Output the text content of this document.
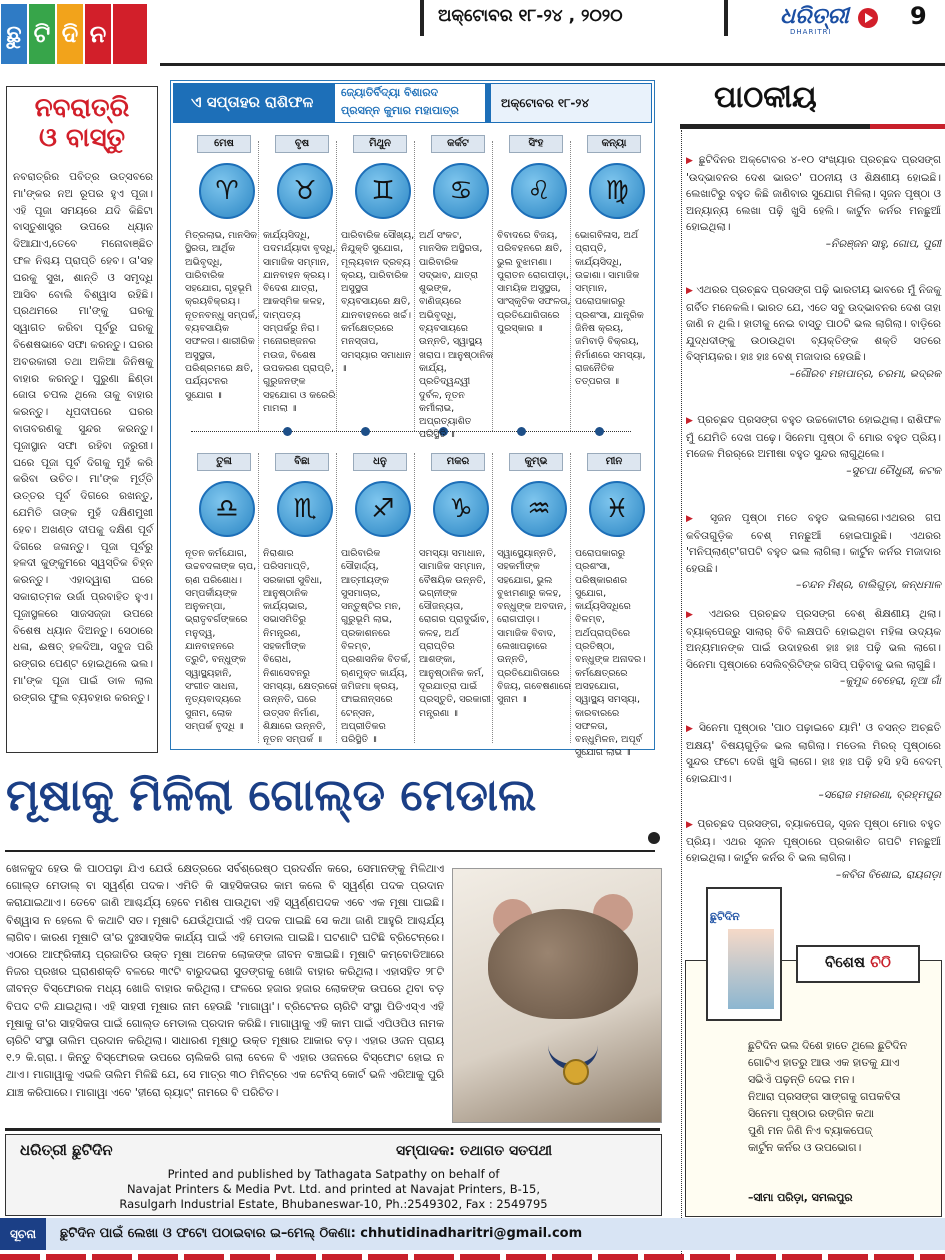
ଛୁ ଟି ଦି ନ
ଅକ୍ଟୋବର ୧୮-୨୪ , ୨୦୨୦	ଧରିତ୍ରୀ
DHARITRI
9
ନବରାତ୍ରି
ଓ ବାସ୍ତୁ
ନବରାତ୍ରିର ପବିତ୍ର ଉତ୍ସବରେ ମା'ଙ୍କର ନଅ ରୂପର ହୁଏ ପୂଜା। ଏହି ପୂଜା ସମୟରେ ଯଦି କିଛିଟା ବାସ୍ତୁଶାସ୍ତ୍ର ଉପରେ ଧ୍ୟାନ ଦିଆଯାଏ,ତେବେ ମନୋବାଞ୍ଛିତ ଫଳ ନିଶ୍ଚୟ ପ୍ରାପ୍ତି ହେବ। ତା'ସହ ଘରକୁ ସୁଖ, ଶାନ୍ତି ଓ ସମୃଦ୍ଧି ଆସିବ ବୋଲି ବିଶ୍ୱାସ ରହିଛି। ପ୍ରଥମରେ ମା'ଙ୍କୁ ଘରକୁ ସ୍ୱାଗତ କରିବା ପୂର୍ବରୁ ଘରକୁ ବିଶେଷଭାବେ ସଫା କରନ୍ତୁ। ଘରର ଅବରକାରୀ ତଥା ଅଳିଆ ଜିନିଷକୁ ବାହାର କରନ୍ତୁ। ପୁରୁଣା ଛିଣ୍ଡା ଜୋତା ଚପଲ ଥିଲେ ତାକୁ ବାହାର କରନ୍ତୁ। ଧୂପଦୀପରେ ଘରର ବାତାବରଣକୁ ସୁନ୍ଦର କରନ୍ତୁ। ପୂଜାସ୍ଥାନ ସଫା ରହିବା ଜରୁରୀ। ଘରେ ପୂଜା ପୂର୍ବ ଦିଗକୁ ମୁହଁ କରି କରିବା ଉଚିତ। ମା'ଙ୍କ ମୂର୍ତ୍ତି ଉତ୍ତର ପୂର୍ବ ଦିଗରେ ରଖନ୍ତୁ, ଯେମିତି ତାଙ୍କ ମୁହଁ ଦକ୍ଷିଣମୁଖୀ ହେବ। ଅଖଣ୍ଡ ଦୀପକୁ ଦକ୍ଷିଣ ପୂର୍ବ ଦିଗରେ ଜଳାନ୍ତୁ। ପୂଜା ପୂର୍ବରୁ ହଳଦୀ କୁଙ୍କୁମରେ ସ୍ୱସ୍ତିକ ଚିହ୍ନ କରନ୍ତୁ। ଏହାଦ୍ୱାରା ଘରେ ସକାରାତ୍ମକ ଉର୍ଜା ପ୍ରବାହିତ ହୁଏ। ପୂଜାସ୍ଥଳରେ ସାଜସଜ୍ଜା ଉପରେ ବିଶେଷ ଧ୍ୟାନ ଦିଅନ୍ତୁ। ସେଠାରେ ଧଳା, ଈଷତ୍ ହଳଦିଆ, ସବୁଜ ପରି ରଙ୍ଗର ପେଣ୍ଟ ହୋଇଥିଲେ ଭଲ। ମା'ଙ୍କ ପୂଜା ପାଇଁ ଡାଳ ଲାଲ ରଙ୍ଗର ଫୁଲ ବ୍ୟବହାର କରନ୍ତୁ।
ଏ ସପ୍ତାହର ରାଶିଫଳ
ଜ୍ୟୋତିର୍ବିଦ୍ୟା ବିଶାରଦ
ପ୍ରସନ୍ନ କୁମାର ମହାପାତ୍ର
ଅକ୍ଟୋବର ୧୮-୨୪
ମେଷ
♈
ମିତ୍ରଲାଭ, ମାନସିକ ସ୍ଥିରତା, ଆର୍ଥିକ ଅଭିବୃଦ୍ଧି, ପାରିବାରିକ ସହଯୋଗ, ଗୃହଭୂମି କ୍ରୟବିକ୍ରୟ। ନୂତନବନ୍ଧୁ ସମ୍ପର୍କ, ବ୍ୟବସାୟିକ ସଫଳତା। ଶାରୀରିକ ଅସୁସ୍ଥତା, ପରିଶ୍ରମରେ କ୍ଷତି, ପର୍ଯ୍ୟଟନର ସୁଯୋଗ ॥
ବୃଷ
♉
କାର୍ଯ୍ୟସିଦ୍ଧି, ପଦମର୍ଯ୍ୟାଦା ବୃଦ୍ଧି, ସାମାଜିକ ସମ୍ମାନ, ଯାନବାହନ କ୍ରୟ। ବିଦେଶ ଯାତ୍ରା, ଆକସ୍ମିକ କଳହ, ଦାମ୍ପତ୍ୟ ସମ୍ପର୍କରୁ ନିରା। ମନୋରଞ୍ଜନର ମଉଜ, ବିଶେଷ ଉପକରଣ ପ୍ରାପ୍ତି, ଗୁରୁଜନଙ୍କ ସହଯୋଗ ଓ କରେରି ମାମଲା ॥
ମିଥୁନ
♊
ପାରିବାରିକ ସୌଖ୍ୟ, ନିଯୁକ୍ତି ସୁଯୋଗ, ମୂଲ୍ୟବାନ ଦ୍ରବ୍ୟ କ୍ରୟ, ପାରିବାରିକ ଅସୁସ୍ଥତା ବ୍ୟବସାୟରେ କ୍ଷତି, ଯାନବାହନରେ ଖର୍ଚ୍ଚ। କର୍ମକ୍ଷେତ୍ରରେ ମନସ୍ତାପ, ସମସ୍ୟାର ସମାଧାନ ॥
କର୍କଟ
♋
ଅର୍ଥ ସଂକଟ, ମାନସିକ ଅସ୍ଥିରତା, ପାରିବାରିକ ସଦ୍ଭାବ, ଯାତ୍ରା ଶୁଭଙ୍କ, ବାଣିଜ୍ୟରେ ଅଭିବୃଦ୍ଧି, ବ୍ୟବସାୟରେ ଉନ୍ନତି, ସ୍ୱାସ୍ଥ୍ୟ ଖରାପ। ଆନୁଷ୍ଠାନିକ କାର୍ଯ୍ୟ, ପ୍ରତିଦ୍ୱନ୍ଦ୍ୱୀ ଦୁର୍ବଳ, ନୂତନ କର୍ମୀଲାଭ, ଅପ୍ରତ୍ୟାଶିତ ପରିସ୍ଥିତି ॥
ସିଂହ
♌
ବିବାଦରେ ବିଜୟ, ପରିବହନରେ କ୍ଷତି, ଭୁଲ ବୁଝାମଣା। ପୁରାତନ ରୋଗପୀଡ଼ା, ସାମୟିକ ଅସୁସ୍ଥତା, ସାଂସ୍କୃତିକ ସଫଳତା, ପ୍ରତିଯୋଗିତାରେ ପୁରସ୍କାର ॥
କନ୍ୟା
♍
ଭୋଗବିଳାସ, ଅର୍ଥ ପ୍ରାପ୍ତି, କାର୍ଯ୍ୟସିଦ୍ଧି, ଉଚ୍ଚାଶା। ସାମାଜିକ ସମ୍ମାନ, ପରୋପକାରରୁ ପ୍ରଶଂସା, ଯାନ୍ତ୍ରିକ ଜିନିଷ କ୍ରୟ, ଜମିବାଡ଼ି ବିକ୍ରୟ, ନିର୍ମାଣରେ ସମସ୍ୟା, ରାଜନୈତିକ ତତ୍ପରତା ॥
ତୁଳା
♎
ନୂତନ କର୍ମଯୋଗ, ଉଚ୍ଚବଦଳାଙ୍କ ଚାପ, ଋଣ ପରିଶୋଧ। ସମ୍ପର୍କୀୟଙ୍କ ଅନୁକମ୍ପା, ଭ୍ରାତୃବର୍ଗଙ୍କରେ ମନୁଦ୍ୱ, ଯାନବାହନରେ ତ୍ରୁଟି, ବନ୍ଧୁଙ୍କ ସ୍ୱାସ୍ଥ୍ୟହାନି, ସଂଗୀତ ସାଧନା, ନୃତ୍ୟବାଦ୍ୟରେ ସୁନାମ, ଲୋକ ସମ୍ପର୍କ ବୃଦ୍ଧି ॥
ବିଛା
♏
ନିରାଶାର ପରିସମାପ୍ତି, ସରକାରୀ ସୁବିଧା, ଆନୁଷ୍ଠାନିକ କାର୍ଯ୍ୟଭାର, ସଭାସମିତିରୁ ନିମନ୍ତ୍ରଣ, ସହକର୍ମୀଙ୍କ ବିରୋଧ, ନିଶାସେବନରୁ ସମସ୍ୟା, କ୍ଷେତ୍ରରେ ଉନ୍ନତି, ଘରେ ଉତ୍ସବ ନିର୍ମାଣ, ଶିକ୍ଷାରେ ଉନ୍ନତି, ନୂତନ ସମ୍ପର୍କ ॥
ଧନୁ
♐
ପାରିବାରିକ ସୌହାର୍ଦ୍ଦ୍ୟ, ଆତ୍ମୀୟଙ୍କ ସୁସମାଚାର, ସନ୍ତୁଷ୍ଟିର ମନ, ଗୁରୁଭୂମି ଲାଭ, ପ୍ରକାଶନରେ ବିଳମ୍ବ, ପ୍ରଶାସନିକ ବିତର୍କ, ଋଣମୁକ୍ତ କାର୍ଯ୍ୟ, ଜମିଜମା କ୍ରୟ, ଫାଇନାନ୍ସରେ ଟେନ୍ସନ, ଅପ୍ରୀତିକର ପରିସ୍ଥିତି ॥
ମକର
♑
ସମସ୍ୟା ସମାଧାନ, ସାମାଜିକ ସମ୍ମାନ, ବୈଷୟିକ ଉନ୍ନତି, ଭଗ୍ନୀଙ୍କ ସୌଜନ୍ୟତା, ରୋଗର ପ୍ରାଦୁର୍ଭାବ, କଳହ, ଅର୍ଥ ପ୍ରାପ୍ତିର ଆଶଙ୍କା, ଆନୁଷ୍ଠାନିକ କର୍ମ, ଦୂରଯାତ୍ରା ପାଇଁ ପ୍ରସ୍ତୁତି, ସରକାରୀ ମନ୍ତ୍ରଣା ॥
କୁମ୍ଭ
♒
ସ୍ୱାସ୍ଥ୍ୟୋନ୍ନତି, ସହକର୍ମୀଙ୍କ ସହଯୋଗ, ଭୁଲ ବୁଝାମଣାରୁ କଳହ, ବନ୍ଧୁଙ୍କ ଅବଦାନ, ରୋଗପୀଡ଼ା। ସାମାଜିକ ବିବାଦ, ଲେଖାପଢ଼ାରେ ଉନ୍ନତି, ପ୍ରତିଯୋଗିତାରେ ବିଜୟ, ଗବେଷଣାରେ ସୁନାମ ॥
ମୀନ
♓
ପରୋପକାରରୁ ପ୍ରଶଂସା, ପରିଷ୍କାରଣର ସୁଯୋଗ, କାର୍ଯ୍ୟସିଦ୍ଧିରେ ବିଳମ୍ବ, ଅର୍ଥପ୍ରାପ୍ତିରେ ପ୍ରତିଷ୍ଠା, ବନ୍ଧୁଙ୍କ ଅନାଦର। କର୍ମକ୍ଷେତ୍ରରେ ଅସହଯୋଗ, ସ୍ୱାସ୍ଥ୍ୟ ସମସ୍ୟା, କାରବାରରେ ସଫଳତା, ବନ୍ଧୁମିଳନ, ଅପୂର୍ବ ସୁଯୋଗ ଲାଭ ॥
ପାଠକୀୟ
▶ ଛୁଟିଦିନର ଅକ୍ଟୋବର ୪-୧୦ ସଂଖ୍ୟାର ପ୍ରଚ୍ଛଦ ପ୍ରସଙ୍ଗ 'ଉଦ୍ଭାବନର ଦେଶ ଭାରତ' ପଠନୀୟ ଓ ଶିକ୍ଷଣୀୟ ହୋଇଛି। ଲେଖାଟିରୁ ବହୁତ କିଛି ଜାଣିବାର ସୁଯୋଗ ମିଳିଲା। ସୃଜନ ପୃଷ୍ଠା ଓ ଅନ୍ୟାନ୍ୟ ଲେଖା ପଢ଼ି ଖୁସି ହେଲି। କାର୍ଟୁନ କର୍ନର ମନଛୁଆଁ ହୋଇଥିଲା।
–ନିରଞ୍ଜନ ସାହୁ, ଗୋପ, ପୁରୀ
▶ ଏଥରର ପ୍ରଚ୍ଛଦ ପ୍ରସଙ୍ଗ ପଢ଼ି ଭାରତୀୟ ଭାବରେ ମୁଁ ନିଜକୁ ଗର୍ବିତ ମନେକଲି। ଭାରତ ଯେ, ଏତେ ସବୁ ଉଦ୍ଭାବନର ଦେଶ ତାହା ଜାଣି ନ ଥିଲି। ହାତୀକୁ ନେଇ ବାସ୍ତୁ ପାଠଟି ଭଲ ଲାଗିଲା। ବାଡ଼ିରେ ଯୁଦ୍ଧଦୀଙ୍କୁ ଉଠାଉଥିବା ବ୍ୟକ୍ତିଙ୍କ ଶକ୍ତି ସତରେ ବିସ୍ମୟକର। ହାଃ ହାଃ ବେଶ୍ ମଜାଦାର ହେଉଛି।
–ଗୌରବ ମହାପାତ୍ର, ଚରମା, ଭଦ୍ରକ
▶ ପ୍ରଚ୍ଛଦ ପ୍ରସଙ୍ଗ ବହୁତ ଉଚ୍ଚକୋଟୀର ହୋଇଥିଲା। ରାଶିଫଳ ମୁଁ ଯେମିତି ଦେଖ ପଢ଼େ। ସିନେମା ପୃଷ୍ଠା ବି ମୋର ବହୁତ ପ୍ରିୟ। ମଜେଳ ମିରର୍‌ରେ ଅମୀଷା ବହୁତ ସୁନ୍ଦର ଲାଗୁଥିଲେ।
–ସୁଚପା ଚୌଧୁରୀ, କଟକ
▶ ସୃଜନ ପୃଷ୍ଠା ମତେ ବହୁତ ଭଲଲାଗେ।ଏଥରର ଗପ କବିତାଗୁଡ଼ିକ ବେଶ୍ ମନଛୁଆଁ ହୋଇପାରୁଛି। ଏଥରର 'ମନିପ୍ଲାଣ୍ଟ'ଗପଟି ବହୁତ ଭଲ ଲାଗିଲା। କାର୍ଟୁନ କର୍ନର ମଜାଦାର ହେଉଛି।
–ଚନ୍ଦନ ମିଶ୍ର, ବାଲିଗୁଡ଼ା, କନ୍ଧମାଳ
▶ ଏଥରର ପ୍ରଚ୍ଛଦ ପ୍ରସଙ୍ଗ ବେଶ୍ ଶିକ୍ଷଣୀୟ ଥିଲା। ବ୍ୟାକ୍‌ପେଜ୍‌ରୁ ସାଲାର୍ ବିବି ଲକ୍ଷପତି ହୋଇଥିବା ମହିଳା ଉଦ୍ୟକ ଅନ୍ୟମାନଙ୍କ ପାଇଁ ଉଦାହରଣ ହାଃ ହାଃ ପଢ଼ି ଭଲ ଲାଗେ। ସିନେମା ପୃଷ୍ଠାରେ ସେଲିବ୍ରିଟିଙ୍କ ଗସିପ୍ ପଢ଼ିବାକୁ ଭଲ ଲାଗୁଛି।
–କୁମୁଦ୍ଦ ବେହେରା, ନୂଆ ଗାଁ
▶ ସିନେମା ପୃଷ୍ଠାର 'ପାଠ ପଢ଼ାଇବେ ୟାମି' ଓ ବସନ୍ତ ଅଚ୍ଛତି ଅକ୍ଷୟ' ବିଷୟଗୁଡ଼ିକ ଭଲ ଲାଗିଲା। ମଡେଲ ମିରର୍ ପୃଷ୍ଠାରେ ସୁନ୍ଦର ଫଟୋ ଦେଖି ଖୁସି ଲାଗେ। ହାଃ ହାଃ ପଢ଼ି ହସି ହସି ବେଦମ୍ ହୋଇଯାଏ।
–ସରୋଜ ମହାରଣା, ବ୍ରହ୍ମପୁର
▶ ପ୍ରଚ୍ଛଦ ପ୍ରସଙ୍ଗ, ବ୍ୟାକପେଜ୍, ସୃଜନ ପୃଷ୍ଠା ମୋର ବହୁତ ପ୍ରିୟ। ଏଥର ସୃଜନ ପୃଷ୍ଠାରେ ପ୍ରକାଶିତ ଗପଟି ମନଛୁଆଁ ହୋଇଥିଲା। କାର୍ଟୁନ କର୍ନର ବି ଭଲ ଲାଗିଲା।
–କବିତା ବିଶୋଇ, ରାୟଗଡ଼ା
ଛୁଟିଦିନ
ବିଶେଷ ଚିଠି
ଛୁଟିଦିନ ଭଲ ଦିଶେ ହାତେ ଥିଲେ ଛୁଟିଦିନ
ଗୋଟିଏ ହାତରୁ ଆଉ ଏକ ହାତକୁ ଯାଏ
ସଭିଏଁ ପଢ଼ନ୍ତି ଦେଇ ମନ।
ନିଆରା ପ୍ରସଙ୍ଗ ସାଙ୍ଗକୁ ଗପକବିତା
ସିନେମା ପୃଷ୍ଠାର ରଙ୍ଗିନ କଥା
ପୁଣି ମନ ଜିଣି ନିଏ ବ୍ୟାକପେଜ୍
କାର୍ଟୁନ କର୍ନର ଓ ଉପଭୋଗ।
–ସୀମା ପରିଡ଼ା, ସମଲପୁର
ମୂଷାକୁ ମିଳିଲା ଗୋଲ୍ଡ ମେଡାଲ
ଖେଳକୁଦ ହେଉ କି ପାଠପଢ଼ା ଯିଏ ଯେଉଁ କ୍ଷେତ୍ରରେ ସର୍ବଶ୍ରେଷ୍ଠ ପ୍ରଦର୍ଶନ କରେ, ସେମାନଙ୍କୁ ମିଳିଥାଏ ଗୋଲ୍ଡ ମେଡାଲ୍ ବା ସ୍ୱର୍ଣ୍ଣ ପଦକ। ଏମିତି କି ସାହସିକତାର କାମ କଲେ ବି ସ୍ୱର୍ଣ୍ଣ ପଦକ ପ୍ରଦାନ କରାଯାଇଥାଏ। ତେବେ ଜାଣି ଆଶ୍ଚର୍ଯ୍ୟ ହେବେ ମଣିଷ ପାଉଥିବା ଏହି ସ୍ୱର୍ଣ୍ଣପଦକ ଏବେ ଏକ ମୂଷା ପାଇଛି। ବିଶ୍ୱାସ ନ ହେଲେ ବି କଥାଟି ସତ। ମୂଷାଟି ଯେଉଁଥିପାଇଁ ଏହି ପଦକ ପାଇଛି ସେ କଥା ଜାଣି ଆହୁରି ଆଶ୍ଚର୍ଯ୍ୟ ଲାଗିବ। କାରଣ ମୂଷାଟି ତା'ର ଦୁଃସାହସିକ କାର୍ଯ୍ୟ ପାଇଁ ଏହି ମେଡାଲ ପାଇଛି। ଘଟଣାଟି ଘଟିଛି ବ୍ରିଟେନ୍‌ରେ। ଏଠାରେ ଆଫ୍ରିକୀୟ ପ୍ରଜାତିର ଉକ୍ତ ମୂଷା ଅନେକ ଲୋକଙ୍କ ଜୀବନ ବଞ୍ଚାଇଛି। ମୂଷାଟି କମ୍ବୋଡିଆରେ ନିଜର ପ୍ରଖର ଘ୍ରାଣଶକ୍ତି ବଳରେ ୩୯ଟି ବାରୁଦଭରା ସୁଡଙ୍ଗକୁ ଖୋଜି ବାହାର କରିଥିଲା। ଏହାସହିତ ୨୮ଟି ଜୀବନ୍ତ ବିସ୍ଫୋରକ ମଧ୍ୟ ଖୋଜି ବାହାର କରିଥିଲା। ଫଳରେ ହଜାର ହଜାର ଲୋକଙ୍କ ଉପରେ ଥିବା ବଡ଼ ବିପଦ ଟଳି ଯାଇଥିଲା। ଏହି ସାହସୀ ମୂଷାର ନାମ ହେଉଛି 'ମାଗାୱା'। ବ୍ରିଟେନର ଚାରିଟି ସଂସ୍ଥା ପିଡିଏସ୍‌ଏ ଏହି ମୂଷାକୁ ତା'ର ସାହସିକତା ପାଇଁ ଗୋଲ୍ଡ ମେଡାଲ ପ୍ରଦାନ କରିଛି। ମାଗାୱାକୁ ଏହି କାମ ପାଇଁ ଏପିଓପିଓ ନାମକ ଚାରିଟି ସଂସ୍ଥା ତାଲିମ ପ୍ରଦାନ କରିଥିଲା। ସାଧାରଣ ମୂଷାଠୁ ଉକ୍ତ ମୂଷାର ଆକାର ବଡ଼। ଏହାର ଓଜନ ପ୍ରାୟ ୧.୨ କି.ଗ୍ରା.। କିନ୍ତୁ ବିସ୍ଫୋରକ ଉପରେ ଚାଲିକରି ଗଲା ବେଳେ ବି ଏହାର ଓଜନରେ ବିସ୍ଫୋଟ ହୋଇ ନ ଥାଏ। ମାଗାୱାକୁ ଏଭଳି ତାଲିମ ମିଳିଛି ଯେ, ସେ ମାତ୍ର ୩୦ ମିନିଟ୍‌ରେ ଏକ ଟେନିସ୍ କୋର୍ଟ ଭଳି ଏରିଆକୁ ପୁରି ଯାଞ୍ଚ କରିପାରେ। ମାଗାୱା ଏବେ 'ହୀରୋ ର‍୍ୟାଟ୍' ନାମରେ ବି ପରିଚିତ।
ଧରିତ୍ରୀ ଛୁଟିଦିନ	ସମ୍ପାଦକ: ତଥାଗତ ସତପଥୀ
Printed and published by Tathagata Satpathy on behalf of
Navajat Printers & Media Pvt. Ltd. and printed at Navajat Printers, B-15,
Rasulgarh Industrial Estate, Bhubaneswar-10, Ph.:2549302, Fax : 2549795
ସୂଚନା	ଛୁଟିଦିନ ପାଇଁ ଲେଖା ଓ ଫଟୋ ପଠାଇବାର ଇ–ମେଲ୍ ଠିକଣା: chhutidinadharitri@gmail.com
